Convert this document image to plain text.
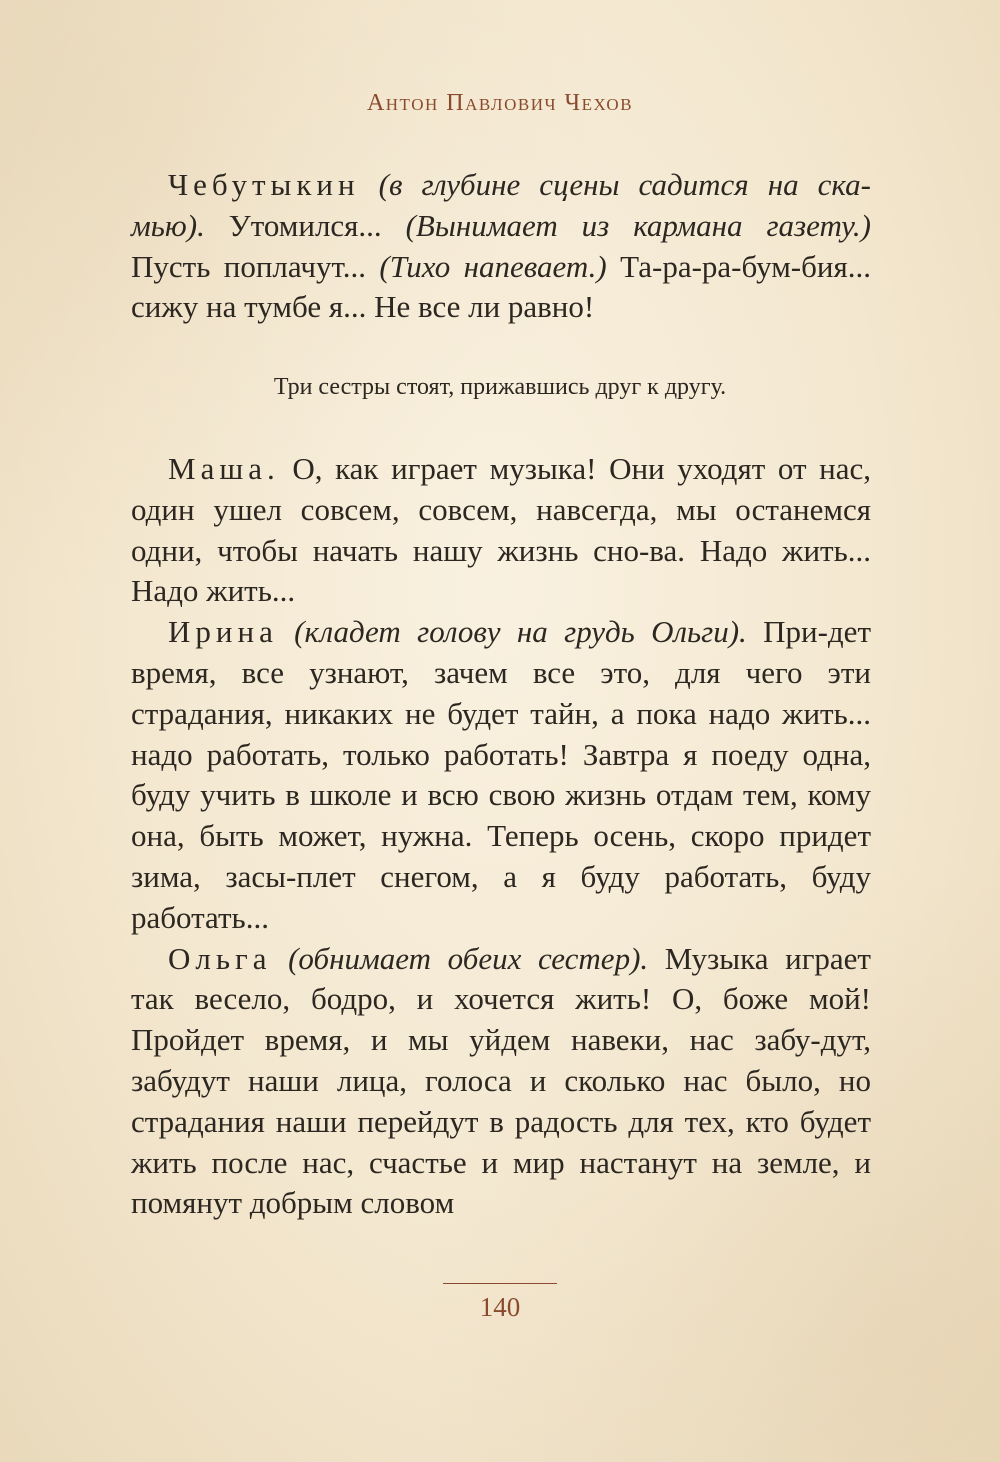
Антон Павлович Чехов

Чебутыкин (в глубине сцены садится на ска-мью). Утомился... (Вынимает из кармана газету.) Пусть поплачут... (Тихо напевает.) Та-ра-ра-бум-бия... сижу на тумбе я... Не все ли равно!

Три сестры стоят, прижавшись друг к другу.

Маша. О, как играет музыка! Они уходят от нас, один ушел совсем, совсем, навсегда, мы останемся одни, чтобы начать нашу жизнь сно-ва. Надо жить... Надо жить...

Ирина (кладет голову на грудь Ольги). При-дет время, все узнают, зачем все это, для чего эти страдания, никаких не будет тайн, а пока надо жить... надо работать, только работать! Завтра я поеду одна, буду учить в школе и всю свою жизнь отдам тем, кому она, быть может, нужна. Теперь осень, скоро придет зима, засы-плет снегом, а я буду работать, буду работать...

Ольга (обнимает обеих сестер). Музыка играет так весело, бодро, и хочется жить! О, боже мой! Пройдет время, и мы уйдем навеки, нас забу-дут, забудут наши лица, голоса и сколько нас было, но страдания наши перейдут в радость для тех, кто будет жить после нас, счастье и мир настанут на земле, и помянут добрым словом

140
